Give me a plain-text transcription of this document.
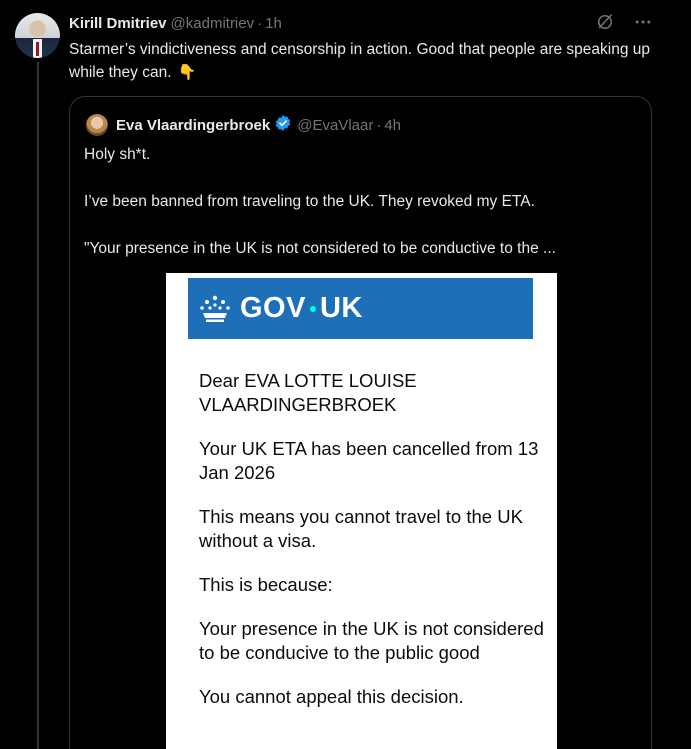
Kirill Dmitriev @kadmitriev · 1h
Starmer’s vindictiveness and censorship in action. Good that people are speaking up while they can. 👇
Eva Vlaardingerbroek @EvaVlaar · 4h

Holy sh*t.

I’ve been banned from traveling to the UK. They revoked my ETA.

"Your presence in the UK is not considered to be conductive to the ...

GOV UK

Dear EVA LOTTE LOUISE VLAARDINGERBROEK

Your UK ETA has been cancelled from 13 Jan 2026

This means you cannot travel to the UK without a visa.

This is because:

Your presence in the UK is not considered to be conducive to the public good

You cannot appeal this decision.
